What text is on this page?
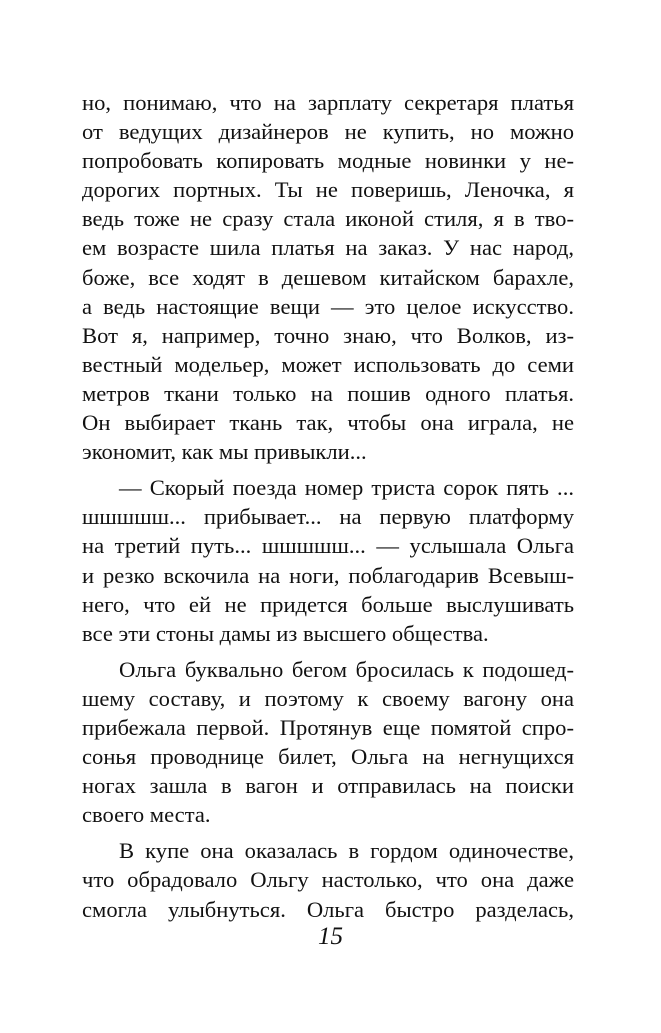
но, понимаю, что на зарплату секретаря платья
от ведущих дизайнеров не купить, но можно
попробовать копировать модные новинки у не-
дорогих портных. Ты не поверишь, Леночка, я
ведь тоже не сразу стала иконой стиля, я в тво-
ем возрасте шила платья на заказ. У нас народ,
боже, все ходят в дешевом китайском барахле,
а ведь настоящие вещи — это целое искусство.
Вот я, например, точно знаю, что Волков, из-
вестный модельер, может использовать до семи
метров ткани только на пошив одного платья.
Он выбирает ткань так, чтобы она играла, не
экономит, как мы привыкли...
— Скорый поезда номер триста сорок пять ...
шшшшш... прибывает... на первую платформу
на третий путь... шшшшш... — услышала Ольга
и резко вскочила на ноги, поблагодарив Всевыш-
него, что ей не придется больше выслушивать
все эти стоны дамы из высшего общества.
Ольга буквально бегом бросилась к подошед-
шему составу, и поэтому к своему вагону она
прибежала первой. Протянув еще помятой спро-
сонья проводнице билет, Ольга на негнущихся
ногах зашла в вагон и отправилась на поиски
своего места.
В купе она оказалась в гордом одиночестве,
что обрадовало Ольгу настолько, что она даже
смогла улыбнуться. Ольга быстро разделась,
15
